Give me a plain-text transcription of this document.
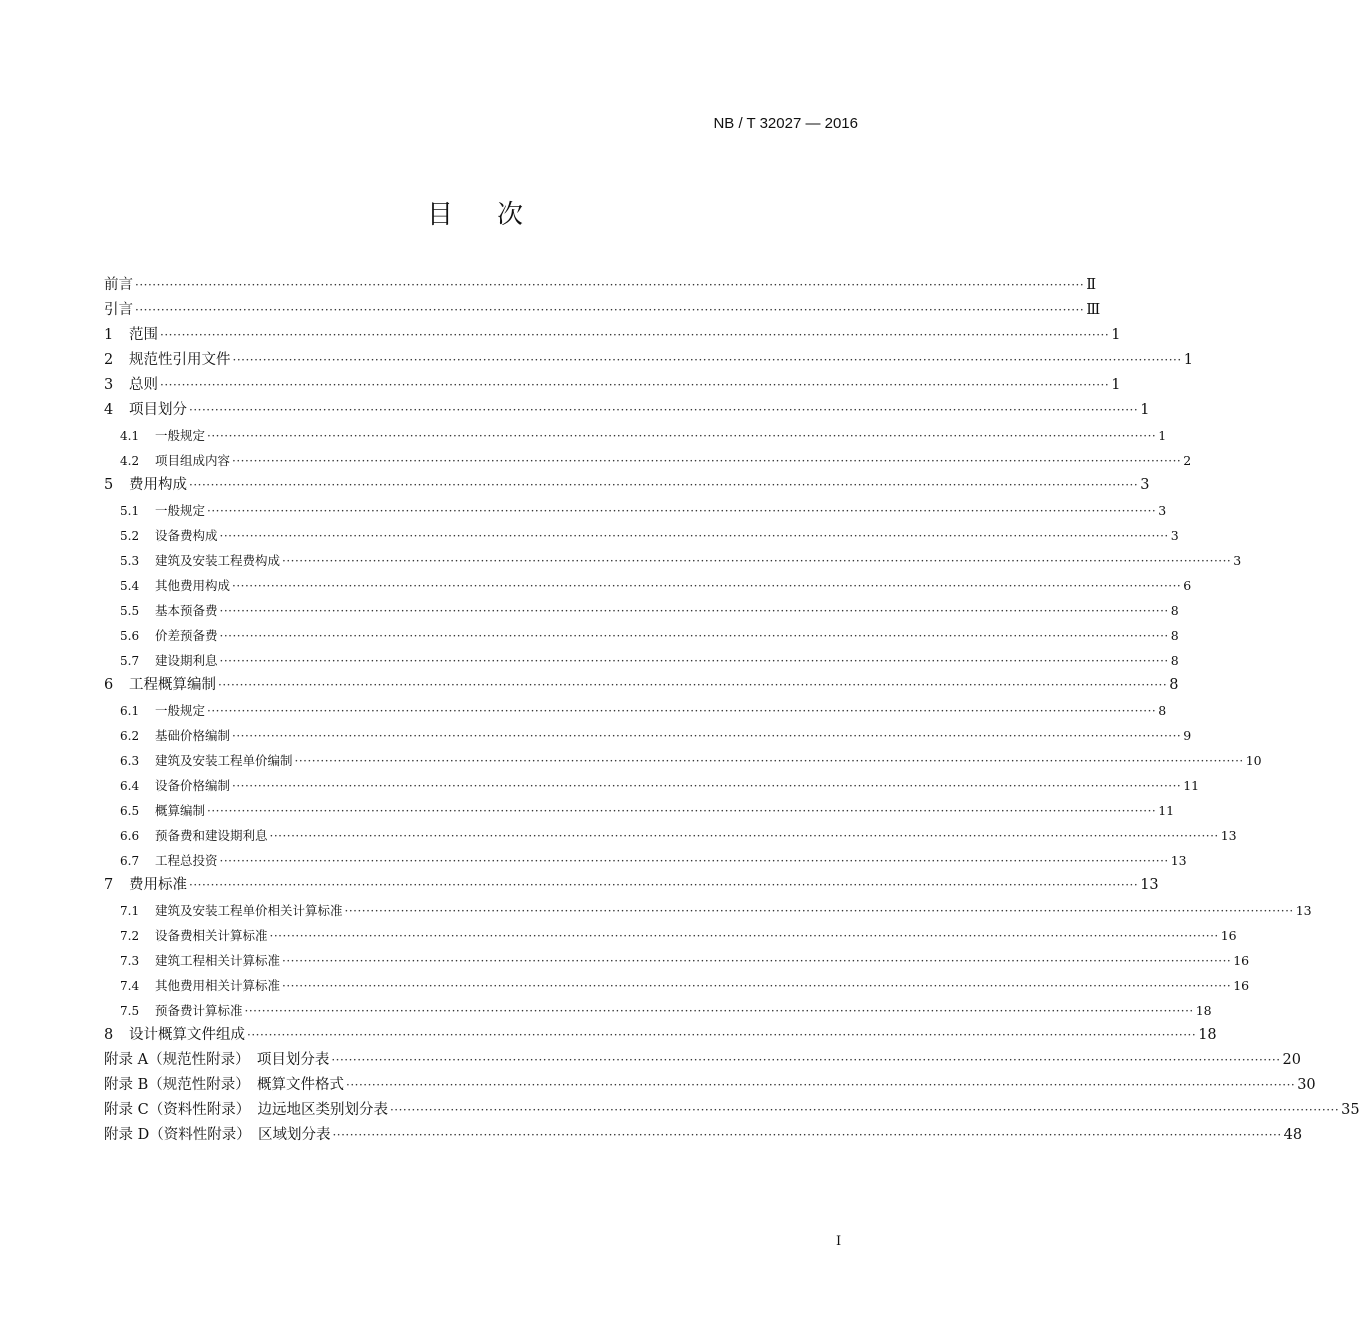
NB / T 32027 — 2016
目次
前言 ···························································································································································································································· Ⅱ
引言 ···························································································································································································································· Ⅲ
1	范围 ···························································································································································································································· 1
2	规范性引用文件 ···························································································································································································································· 1
3	总则 ···························································································································································································································· 1
4	项目划分 ···························································································································································································································· 1
4.1	一般规定 ···························································································································································································································· 1
4.2	项目组成内容 ···························································································································································································································· 2
5	费用构成 ···························································································································································································································· 3
5.1	一般规定 ···························································································································································································································· 3
5.2	设备费构成 ···························································································································································································································· 3
5.3	建筑及安装工程费构成 ···························································································································································································································· 3
5.4	其他费用构成 ···························································································································································································································· 6
5.5	基本预备费 ···························································································································································································································· 8
5.6	价差预备费 ···························································································································································································································· 8
5.7	建设期利息 ···························································································································································································································· 8
6	工程概算编制 ···························································································································································································································· 8
6.1	一般规定 ···························································································································································································································· 8
6.2	基础价格编制 ···························································································································································································································· 9
6.3	建筑及安装工程单价编制 ···························································································································································································································· 10
6.4	设备价格编制 ···························································································································································································································· 11
6.5	概算编制 ···························································································································································································································· 11
6.6	预备费和建设期利息 ···························································································································································································································· 13
6.7	工程总投资 ···························································································································································································································· 13
7	费用标准 ···························································································································································································································· 13
7.1	建筑及安装工程单价相关计算标准 ···························································································································································································································· 13
7.2	设备费相关计算标准 ···························································································································································································································· 16
7.3	建筑工程相关计算标准 ···························································································································································································································· 16
7.4	其他费用相关计算标准 ···························································································································································································································· 16
7.5	预备费计算标准 ···························································································································································································································· 18
8	设计概算文件组成 ···························································································································································································································· 18
附录 A（规范性附录）　项目划分表 ···························································································································································································································· 20
附录 B（规范性附录）　概算文件格式 ···························································································································································································································· 30
附录 C（资料性附录）　边远地区类别划分表 ···························································································································································································································· 35
附录 D（资料性附录）　区域划分表 ···························································································································································································································· 48
I
